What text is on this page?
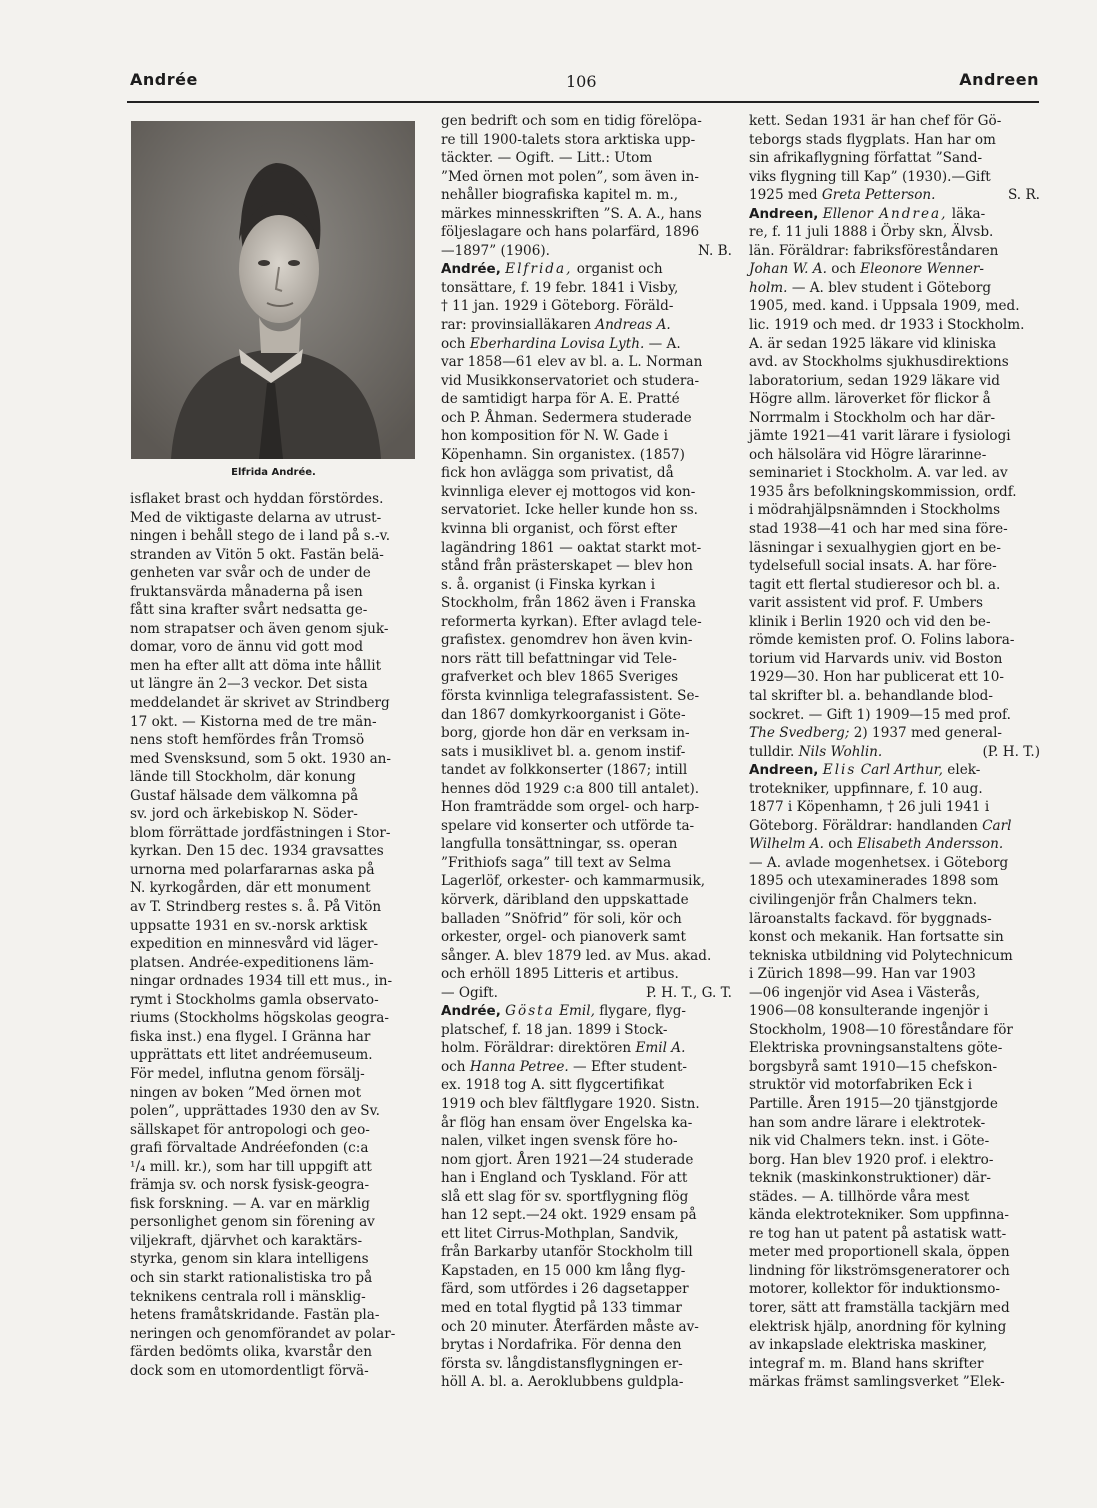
Andrée	106	Andreen
Elfrida Andrée.

isflaket brast och hyddan förstördes.

Med de viktigaste delarna av utrust-

ningen i behåll stego de i land på s.-v.

stranden av Vitön 5 okt. Fastän belä-

genheten var svår och de under de

fruktansvärda månaderna på isen

fått sina krafter svårt nedsatta ge-

nom strapatser och även genom sjuk-

domar, voro de ännu vid gott mod

men ha efter allt att döma inte hållit

ut längre än 2—3 veckor. Det sista

meddelandet är skrivet av Strindberg

17 okt. — Kistorna med de tre män-

nens stoft hemfördes från Tromsö

med Svensksund, som 5 okt. 1930 an-

lände till Stockholm, där konung

Gustaf hälsade dem välkomna på

sv. jord och ärkebiskop N. Söder-

blom förrättade jordfästningen i Stor-

kyrkan. Den 15 dec. 1934 gravsattes

urnorna med polarfararnas aska på

N. kyrkogården, där ett monument

av T. Strindberg restes s. å. På Vitön

uppsatte 1931 en sv.-norsk arktisk

expedition en minnesvård vid läger-

platsen. Andrée-expeditionens läm-

ningar ordnades 1934 till ett mus., in-

rymt i Stockholms gamla observato-

riums (Stockholms högskolas geogra-

fiska inst.) ena flygel. I Gränna har

upprättats ett litet andréemuseum.

För medel, influtna genom försälj-

ningen av boken ”Med örnen mot

polen”, upprättades 1930 den av Sv.

sällskapet för antropologi och geo-

grafi förvaltade Andréefonden (c:a

¹/₄ mill. kr.), som har till uppgift att

främja sv. och norsk fysisk-geogra-

fisk forskning. — A. var en märklig

personlighet genom sin förening av

viljekraft, djärvhet och karaktärs-

styrka, genom sin klara intelligens

och sin starkt rationalistiska tro på

teknikens centrala roll i mänsklig-

hetens framåtskridande. Fastän pla-

neringen och genomförandet av polar-

färden bedömts olika, kvarstår den

dock som en utomordentligt förvä-

gen bedrift och som en tidig förelöpa-

re till 1900-talets stora arktiska upp-

täckter. — Ogift. — Litt.: Utom

”Med örnen mot polen”, som även in-

nehåller biografiska kapitel m. m.,

märkes minnesskriften ”S. A. A., hans

följeslagare och hans polarfärd, 1896

—1897” (1906).	N. B.

Andrée, Elfrida, organist och

tonsättare, f. 19 febr. 1841 i Visby,

† 11 jan. 1929 i Göteborg. Föräld-

rar: provinsialläkaren Andreas A.

och Eberhardina Lovisa Lyth. — A.

var 1858—61 elev av bl. a. L. Norman

vid Musikkonservatoriet och studera-

de samtidigt harpa för A. E. Pratté

och P. Åhman. Sedermera studerade

hon komposition för N. W. Gade i

Köpenhamn. Sin organistex. (1857)

fick hon avlägga som privatist, då

kvinnliga elever ej mottogos vid kon-

servatoriet. Icke heller kunde hon ss.

kvinna bli organist, och först efter

lagändring 1861 — oaktat starkt mot-

stånd från prästerskapet — blev hon

s. å. organist (i Finska kyrkan i

Stockholm, från 1862 även i Franska

reformerta kyrkan). Efter avlagd tele-

grafistex. genomdrev hon även kvin-

nors rätt till befattningar vid Tele-

grafverket och blev 1865 Sveriges

första kvinnliga telegrafassistent. Se-

dan 1867 domkyrkoorganist i Göte-

borg, gjorde hon där en verksam in-

sats i musiklivet bl. a. genom instif-

tandet av folkkonserter (1867; intill

hennes död 1929 c:a 800 till antalet).

Hon framträdde som orgel- och harp-

spelare vid konserter och utförde ta-

langfulla tonsättningar, ss. operan

”Frithiofs saga” till text av Selma

Lagerlöf, orkester- och kammarmusik,

körverk, däribland den uppskattade

balladen ”Snöfrid” för soli, kör och

orkester, orgel- och pianoverk samt

sånger. A. blev 1879 led. av Mus. akad.

och erhöll 1895 Litteris et artibus.

— Ogift.	P. H. T., G. T.

Andrée, Gösta Emil, flygare, flyg-

platschef, f. 18 jan. 1899 i Stock-

holm. Föräldrar: direktören Emil A.

och Hanna Petree. — Efter student-

ex. 1918 tog A. sitt flygcertifikat

1919 och blev fältflygare 1920. Sistn.

år flög han ensam över Engelska ka-

nalen, vilket ingen svensk före ho-

nom gjort. Åren 1921—24 studerade

han i England och Tyskland. För att

slå ett slag för sv. sportflygning flög

han 12 sept.—24 okt. 1929 ensam på

ett litet Cirrus-Mothplan, Sandvik,

från Barkarby utanför Stockholm till

Kapstaden, en 15 000 km lång flyg-

färd, som utfördes i 26 dagsetapper

med en total flygtid på 133 timmar

och 20 minuter. Återfärden måste av-

brytas i Nordafrika. För denna den

första sv. långdistansflygningen er-

höll A. bl. a. Aeroklubbens guldpla-

kett. Sedan 1931 är han chef för Gö-

teborgs stads flygplats. Han har om

sin afrikaflygning författat ”Sand-

viks flygning till Kap” (1930).—Gift

1925 med Greta Petterson.	S. R.

Andreen, Ellenor Andrea, läka-

re, f. 11 juli 1888 i Örby skn, Älvsb.

län. Föräldrar: fabriksföreståndaren

Johan W. A. och Eleonore Wenner-

holm. — A. blev student i Göteborg

1905, med. kand. i Uppsala 1909, med.

lic. 1919 och med. dr 1933 i Stockholm.

A. är sedan 1925 läkare vid kliniska

avd. av Stockholms sjukhusdirektions

laboratorium, sedan 1929 läkare vid

Högre allm. läroverket för flickor å

Norrmalm i Stockholm och har där-

jämte 1921—41 varit lärare i fysiologi

och hälsolära vid Högre lärarinne-

seminariet i Stockholm. A. var led. av

1935 års befolkningskommission, ordf.

i mödrahjälpsnämnden i Stockholms

stad 1938—41 och har med sina före-

läsningar i sexualhygien gjort en be-

tydelsefull social insats. A. har före-

tagit ett flertal studieresor och bl. a.

varit assistent vid prof. F. Umbers

klinik i Berlin 1920 och vid den be-

römde kemisten prof. O. Folins labora-

torium vid Harvards univ. vid Boston

1929—30. Hon har publicerat ett 10-

tal skrifter bl. a. behandlande blod-

sockret. — Gift 1) 1909—15 med prof.

The Svedberg; 2) 1937 med general-

tulldir. Nils Wohlin.	(P. H. T.)

Andreen, Elis Carl Arthur, elek-

trotekniker, uppfinnare, f. 10 aug.

1877 i Köpenhamn, † 26 juli 1941 i

Göteborg. Föräldrar: handlanden Carl

Wilhelm A. och Elisabeth Andersson.

— A. avlade mogenhetsex. i Göteborg

1895 och utexaminerades 1898 som

civilingenjör från Chalmers tekn.

läroanstalts fackavd. för byggnads-

konst och mekanik. Han fortsatte sin

tekniska utbildning vid Polytechnicum

i Zürich 1898—99. Han var 1903

—06 ingenjör vid Asea i Västerås,

1906—08 konsulterande ingenjör i

Stockholm, 1908—10 föreståndare för

Elektriska provningsanstaltens göte-

borgsbyrå samt 1910—15 chefskon-

struktör vid motorfabriken Eck i

Partille. Åren 1915—20 tjänstgjorde

han som andre lärare i elektrotek-

nik vid Chalmers tekn. inst. i Göte-

borg. Han blev 1920 prof. i elektro-

teknik (maskinkonstruktioner) där-

städes. — A. tillhörde våra mest

kända elektrotekniker. Som uppfinna-

re tog han ut patent på astatisk watt-

meter med proportionell skala, öppen

lindning för likströmsgeneratorer och

motorer, kollektor för induktionsmo-

torer, sätt att framställa tackjärn med

elektrisk hjälp, anordning för kylning

av inkapslade elektriska maskiner,

integraf m. m. Bland hans skrifter

märkas främst samlingsverket ”Elek-
